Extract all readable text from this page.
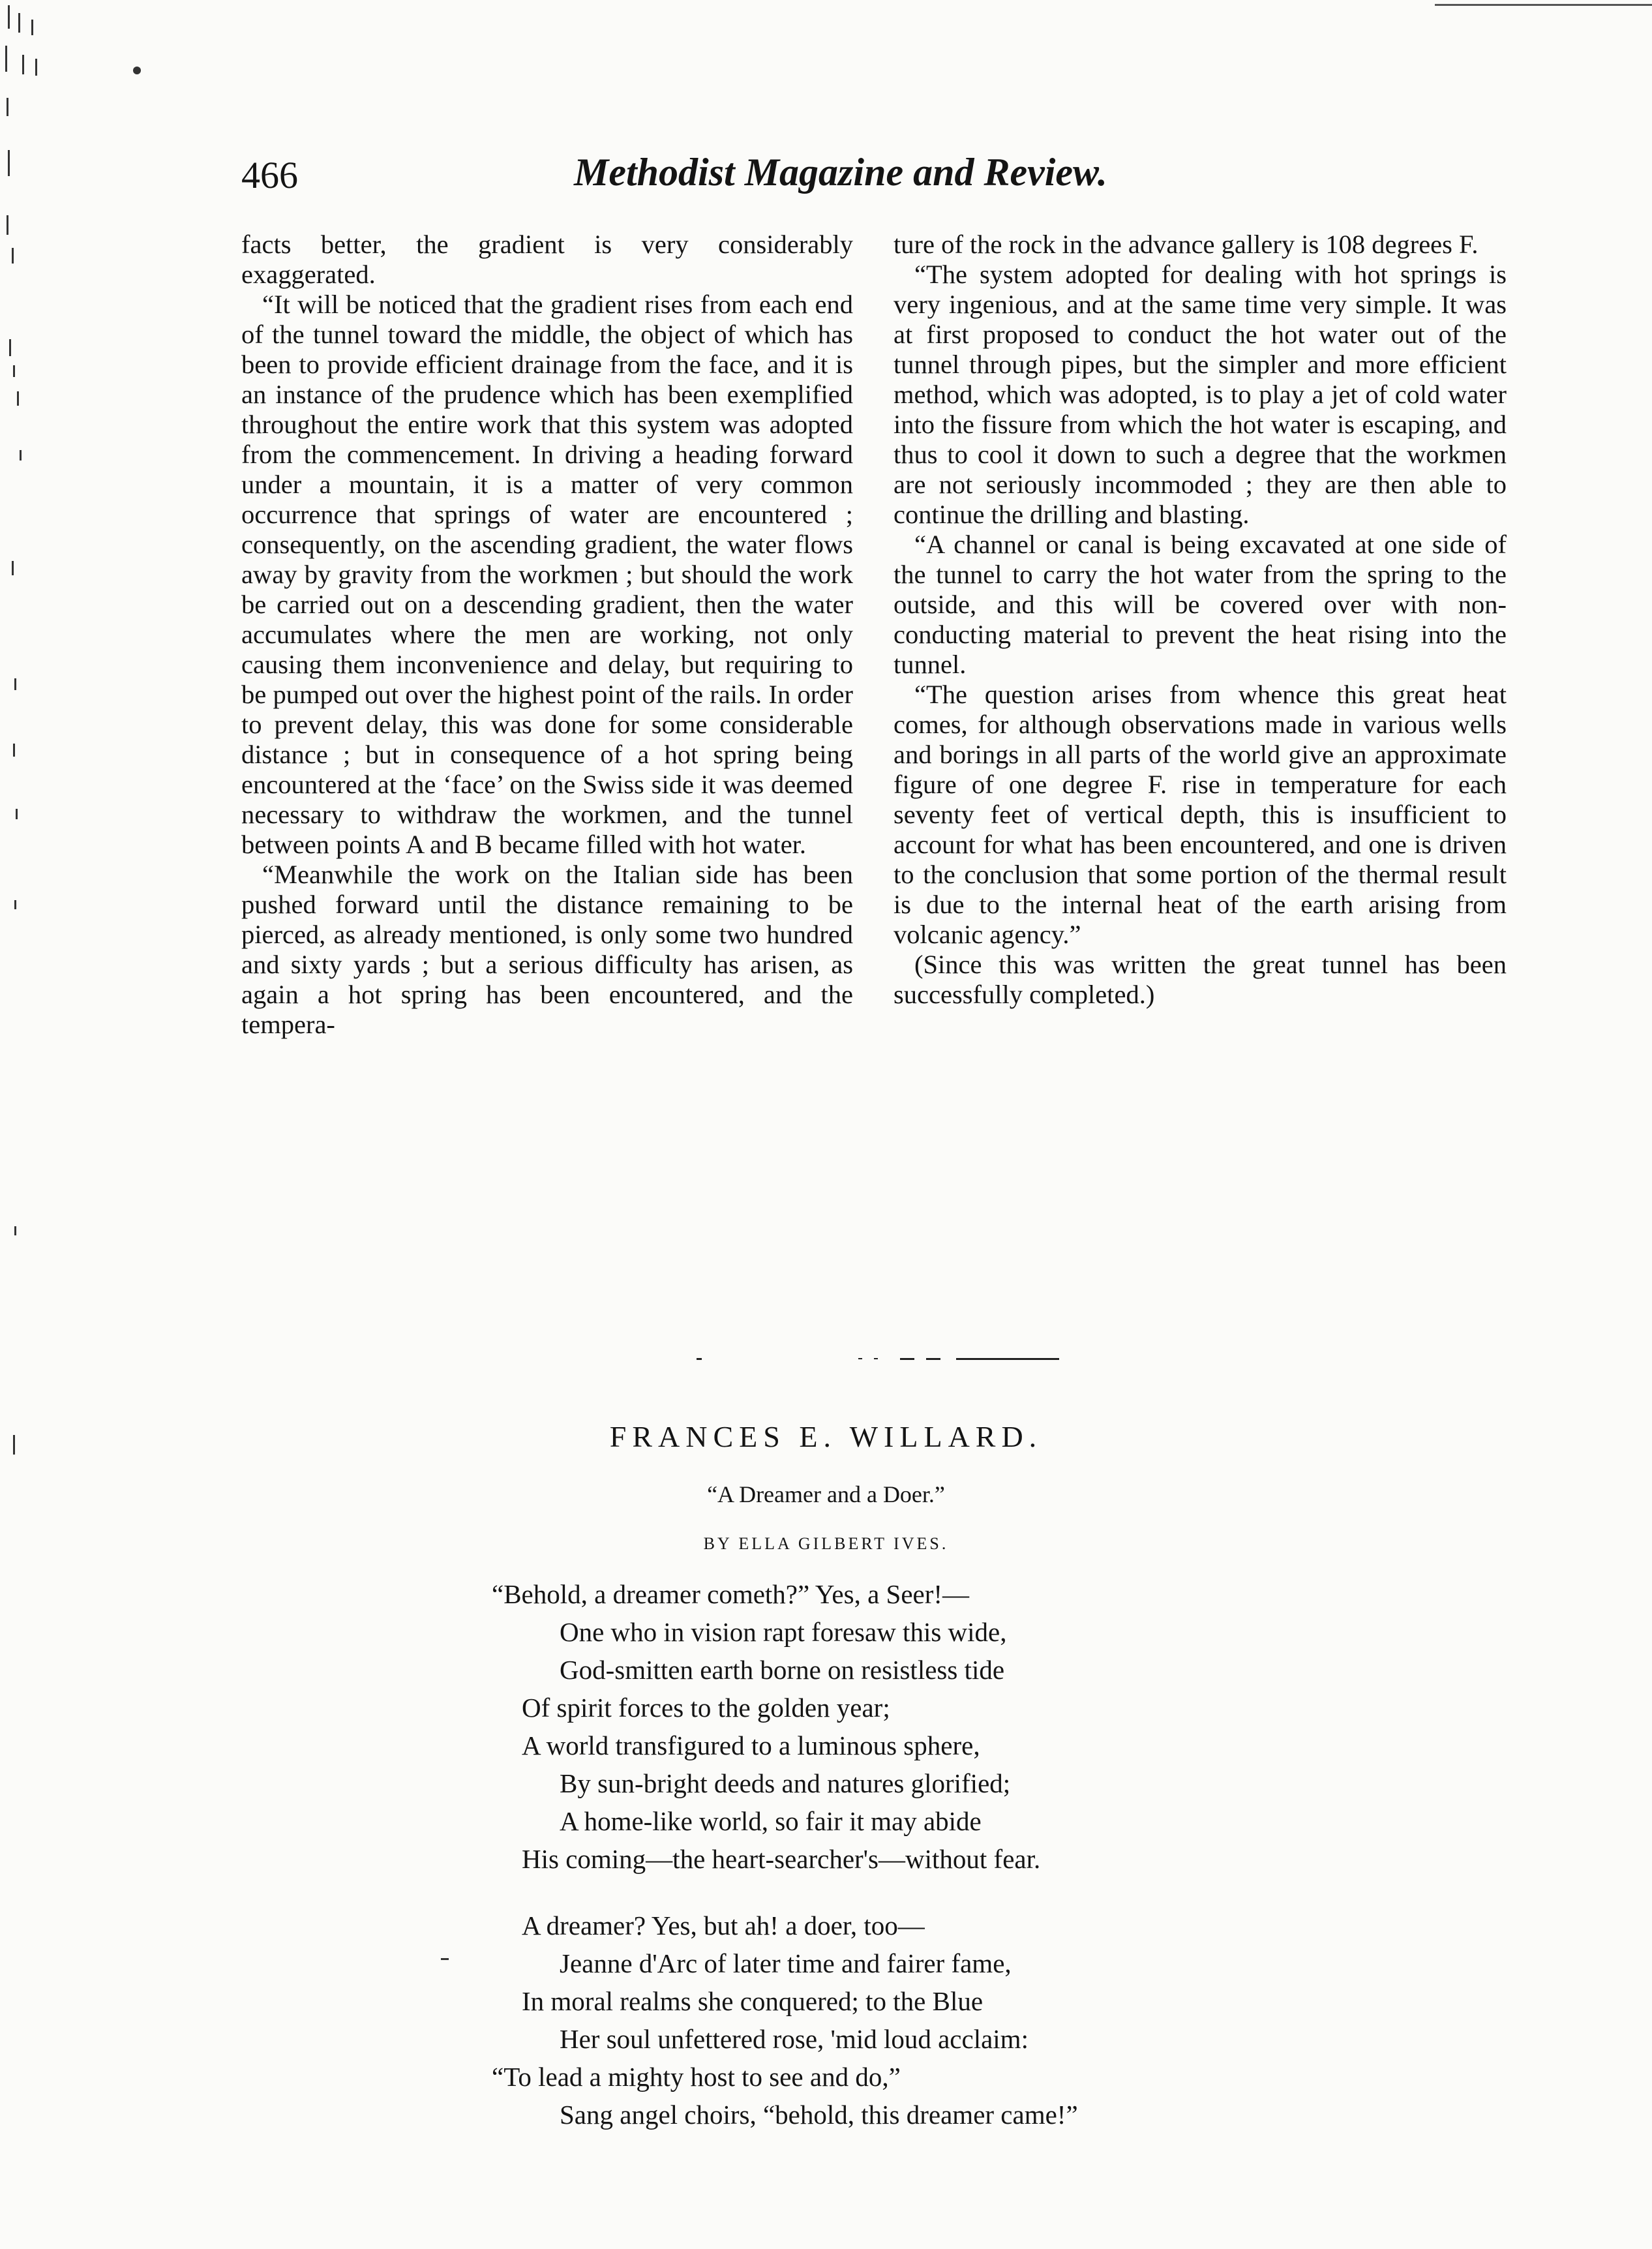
466	Methodist Magazine and Review.

facts better, the gradient is very considerably exaggerated.

“It will be noticed that the gradient rises from each end of the tunnel toward the middle, the object of which has been to provide efficient drainage from the face, and it is an instance of the prudence which has been exemplified throughout the entire work that this system was adopted from the commencement. In driving a heading forward under a mountain, it is a matter of very common occurrence that springs of water are encountered ; consequently, on the ascending gradient, the water flows away by gravity from the workmen ; but should the work be carried out on a descending gradient, then the water accumulates where the men are working, not only causing them inconvenience and delay, but requiring to be pumped out over the highest point of the rails. In order to prevent delay, this was done for some considerable distance ; but in consequence of a hot spring being encountered at the ‘face’ on the Swiss side it was deemed necessary to withdraw the workmen, and the tunnel between points A and B became filled with hot water.

“Meanwhile the work on the Italian side has been pushed forward until the distance remaining to be pierced, as already mentioned, is only some two hundred and sixty yards ; but a serious difficulty has arisen, as again a hot spring has been encountered, and the tempera-

ture of the rock in the advance gallery is 108 degrees F.

“The system adopted for dealing with hot springs is very ingenious, and at the same time very simple. It was at first proposed to conduct the hot water out of the tunnel through pipes, but the simpler and more efficient method, which was adopted, is to play a jet of cold water into the fissure from which the hot water is escaping, and thus to cool it down to such a degree that the workmen are not seriously incommoded ; they are then able to continue the drilling and blasting.

“A channel or canal is being excavated at one side of the tunnel to carry the hot water from the spring to the outside, and this will be covered over with non-conducting material to prevent the heat rising into the tunnel.

“The question arises from whence this great heat comes, for although observations made in various wells and borings in all parts of the world give an approximate figure of one degree F. rise in temperature for each seventy feet of vertical depth, this is insufficient to account for what has been encountered, and one is driven to the conclusion that some portion of the thermal result is due to the internal heat of the earth arising from volcanic agency.”

(Since this was written the great tunnel has been successfully completed.)

FRANCES E. WILLARD.
“A Dreamer and a Doer.”
BY ELLA GILBERT IVES.
“Behold, a dreamer cometh?” Yes, a Seer!—
One who in vision rapt foresaw this wide,
God-smitten earth borne on resistless tide
Of spirit forces to the golden year;
A world transfigured to a luminous sphere,
By sun-bright deeds and natures glorified;
A home-like world, so fair it may abide
His coming—the heart-searcher's—without fear.
A dreamer? Yes, but ah! a doer, too—
Jeanne d'Arc of later time and fairer fame,
In moral realms she conquered; to the Blue
Her soul unfettered rose, 'mid loud acclaim:
“To lead a mighty host to see and do,”
Sang angel choirs, “behold, this dreamer came!”
